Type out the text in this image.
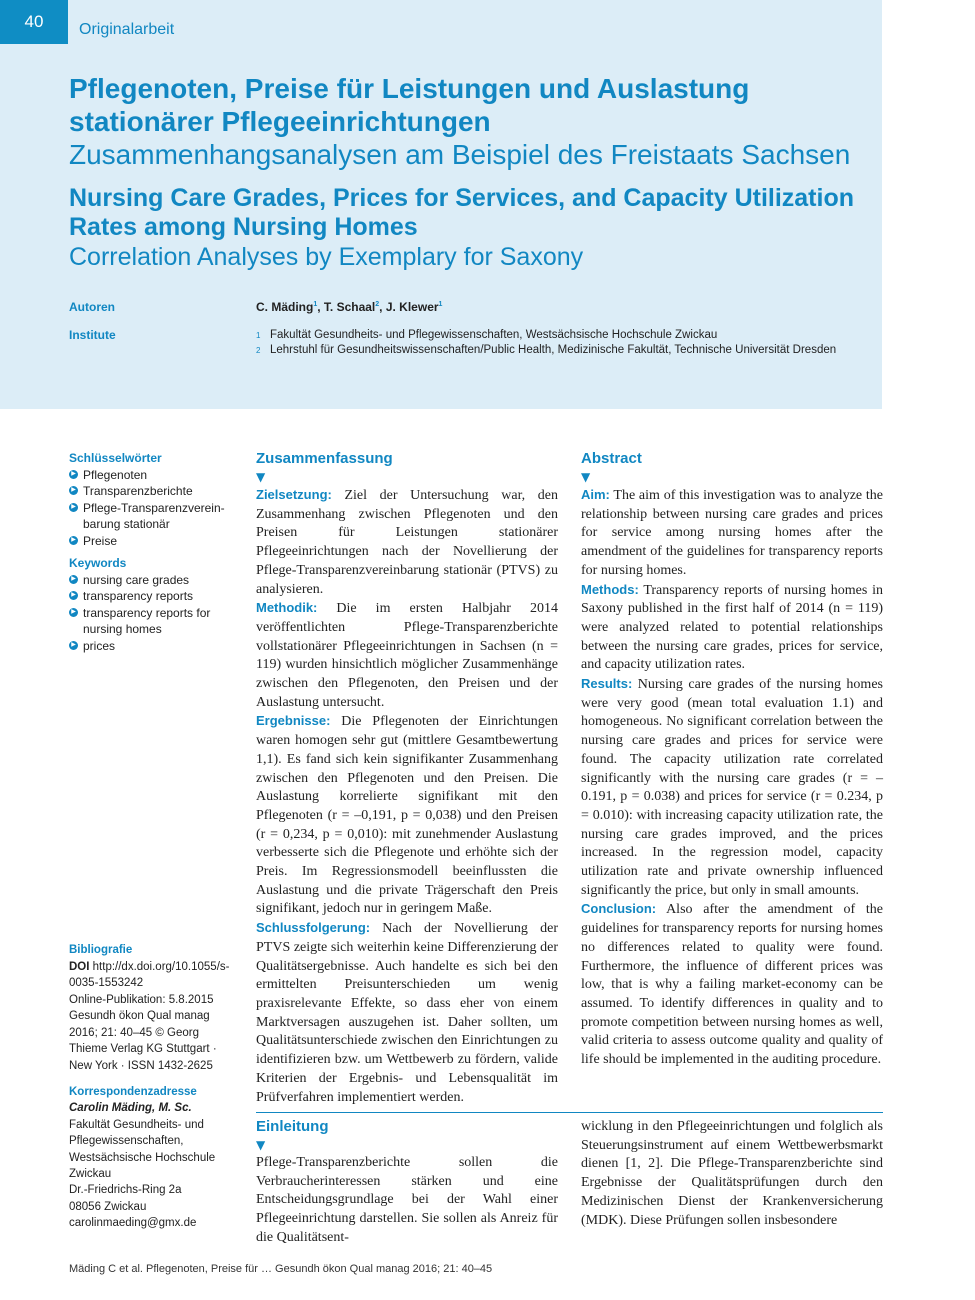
40	Originalarbeit
Pflegenoten, Preise für Leistungen und Auslastung stationärer Pflegeeinrichtungen
Zusammenhangsanalysen am Beispiel des Freistaats Sachsen
Nursing Care Grades, Prices for Services, and Capacity Utilization Rates among Nursing Homes
Correlation Analyses by Exemplary for Saxony
Autoren
Institute
C. Mäding$^1$, T. Schaal$^2$, J. Klewer$^1$
1 Fakultät Gesundheits- und Pflegewissenschaften, Westsächsische Hochschule Zwickau
2 Lehrstuhl für Gesundheitswissenschaften/Public Health, Medizinische Fakultät, Technische Universität Dresden
Schlüsselwörter
▶ Pflegenoten
▶ Transparenzberichte
▶ Pflege-Transparenzverein-barung stationär
▶ Preise
Keywords
▶ nursing care grades
▶ transparency reports
▶ transparency reports for nursing homes
▶ prices
Bibliografie
DOI http://dx.doi.org/10.1055/s-0035-1553242
Online-Publikation: 5.8.2015
Gesundh ökon Qual manag 2016; 21: 40–45 © Georg Thieme Verlag KG Stuttgart · New York · ISSN 1432-2625
Korrespondenzadresse
Carolin Mäding, M. Sc.
Fakultät Gesundheits- und Pflegewissenschaften, Westsächsische Hochschule Zwickau
Dr.-Friedrichs-Ring 2a
08056 Zwickau
carolinmaeding@gmx.de
Zusammenfassung
▼

Zielsetzung: Ziel der Untersuchung war, den Zusammenhang zwischen Pflegenoten und den Preisen für Leistungen stationärer Pflegeeinrichtungen nach der Novellierung der Pflege-Transparenzvereinbarung stationär (PTVS) zu analysieren.

Methodik: Die im ersten Halbjahr 2014 veröffentlichten Pflege-Transparenzberichte vollstationärer Pflegeeinrichtungen in Sachsen (n = 119) wurden hinsichtlich möglicher Zusammenhänge zwischen den Pflegenoten, den Preisen und der Auslastung untersucht.

Ergebnisse: Die Pflegenoten der Einrichtungen waren homogen sehr gut (mittlere Gesamtbewertung 1,1). Es fand sich kein signifikanter Zusammenhang zwischen den Pflegenoten und den Preisen. Die Auslastung korrelierte signifikant mit den Pflegenoten (r = –0,191, p = 0,038) und den Preisen (r = 0,234, p = 0,010): mit zunehmender Auslastung verbesserte sich die Pflegenote und erhöhte sich der Preis. Im Regressionsmodell beeinflussten die Auslastung und die private Trägerschaft den Preis signifikant, jedoch nur in geringem Maße.

Schlussfolgerung: Nach der Novellierung der PTVS zeigte sich weiterhin keine Differenzierung der Qualitätsergebnisse. Auch handelte es sich bei den ermittelten Preisunterschieden um wenig praxisrelevante Effekte, so dass eher von einem Marktversagen auszugehen ist. Daher sollten, um Qualitätsunterschiede zwischen den Einrichtungen zu identifizieren bzw. um Wettbewerb zu fördern, valide Kriterien der Ergebnis- und Lebensqualität im Prüfverfahren implementiert werden.

Abstract
▼

Aim: The aim of this investigation was to analyze the relationship between nursing care grades and prices for service among nursing homes after the amendment of the guidelines for transparency reports for nursing homes.

Methods: Transparency reports of nursing homes in Saxony published in the first half of 2014 (n = 119) were analyzed related to potential relationships between the nursing care grades, prices for service, and capacity utilization rates.

Results: Nursing care grades of the nursing homes were very good (mean total evaluation 1.1) and homogeneous. No significant correlation between the nursing care grades and prices for service were found. The capacity utilization rate correlated significantly with the nursing care grades (r = – 0.191, p = 0.038) and prices for service (r = 0.234, p = 0.010): with increasing capacity utilization rate, the nursing care grades improved, and the prices increased. In the regression model, capacity utilization rate and private ownership influenced significantly the price, but only in small amounts.

Conclusion: Also after the amendment of the guidelines for transparency reports for nursing homes no differences related to quality were found. Furthermore, the influence of different prices was low, that is why a failing market-economy can be assumed. To identify differences in quality and to promote competition between nursing homes as well, valid criteria to assess outcome quality and quality of life should be implemented in the auditing procedure.

Einleitung
▼

Pflege-Transparenzberichte sollen die Verbraucherinteressen stärken und eine Entscheidungsgrundlage bei der Wahl einer Pflegeeinrichtung darstellen. Sie sollen als Anreiz für die Qualitätsent-

wicklung in den Pflegeeinrichtungen und folglich als Steuerungsinstrument auf einem Wettbewerbsmarkt dienen [1, 2]. Die Pflege-Transparenzberichte sind Ergebnisse der Qualitätsprüfungen durch den Medizinischen Dienst der Krankenversicherung (MDK). Diese Prüfungen sollen insbesondere

Mäding C et al. Pflegenoten, Preise für … Gesundh ökon Qual manag 2016; 21: 40–45
